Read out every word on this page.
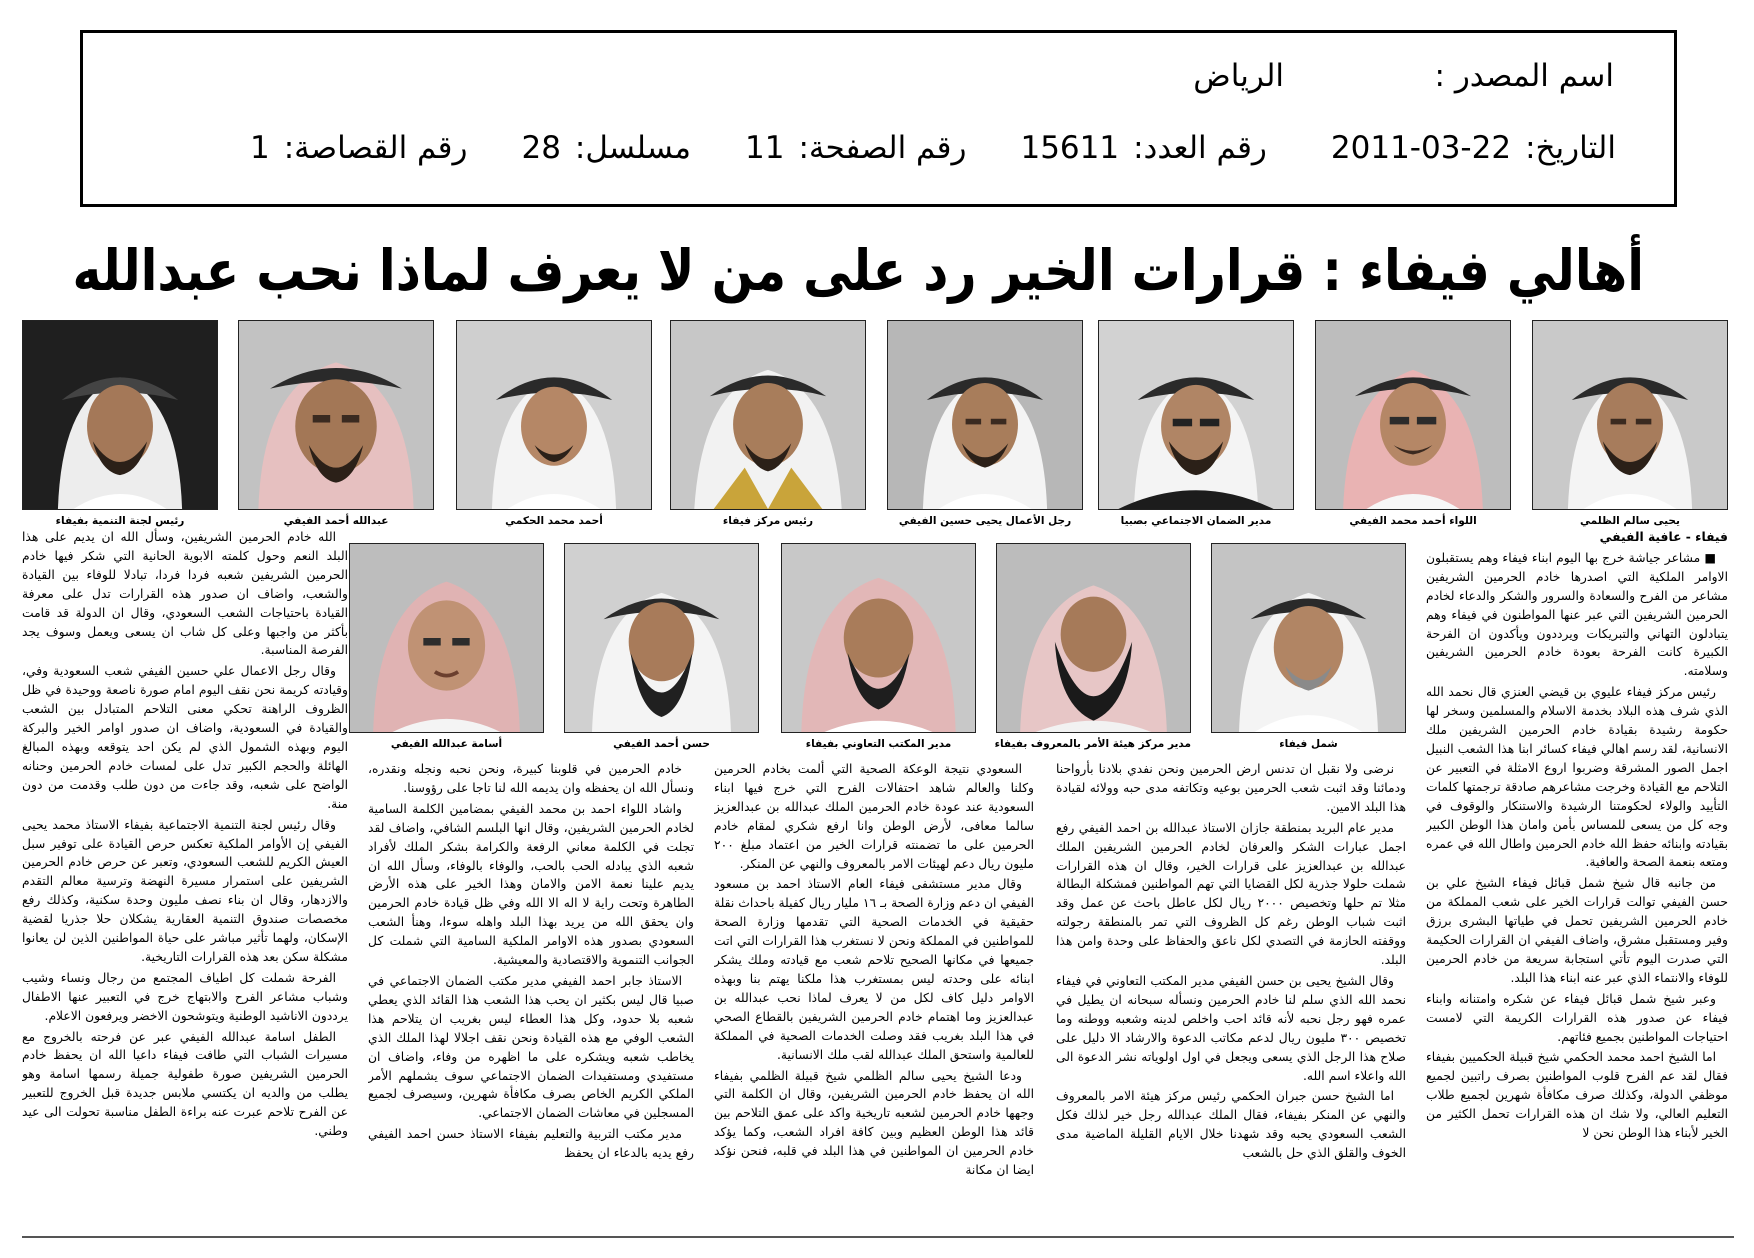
اسم المصدر :
الرياض
التاريخ:2011-03-22رقم العدد:15611رقم الصفحة:11مسلسل:28رقم القصاصة:1
أهالي فيفاء : قرارات الخير رد على من لا يعرف لماذا نحب عبدالله
يحيى سالم الظلمي
اللواء أحمد محمد الفيفي
مدير الضمان الاجتماعي بصبيا
رجل الأعمال يحيى حسين الفيفي
رئيس مركز فيفاء
أحمد محمد الحكمي
عبدالله أحمد الفيفي
رئيس لجنة التنمية بفيفاء
شمل فيفاء
مدير مركز هيئة الأمر بالمعروف بفيفاء
مدير المكتب التعاوني بفيفاء
حسن أحمد الفيفي
أسامة عبدالله الفيفي

فيفاء - عافية الفيفي

■ مشاعر جياشة خرج بها اليوم ابناء فيفاء وهم يستقبلون الاوامر الملكية التي اصدرها خادم الحرمين الشريفين مشاعر من الفرح والسعادة والسرور والشكر والدعاء لخادم الحرمين الشريفين التي عبر عنها المواطنون في فيفاء وهم يتبادلون التهاني والتبريكات ويرددون ويأكدون ان الفرحة الكبيرة كانت الفرحة بعودة خادم الحرمين الشريفين وسلامته.

رئيس مركز فيفاء عليوي بن قيضي العنزي قال نحمد الله الذي شرف هذه البلاد بخدمة الاسلام والمسلمين وسخر لها حكومة رشيدة بقيادة خادم الحرمين الشريفين ملك الانسانية، لقد رسم اهالي فيفاء كسائر ابنا هذا الشعب النبيل اجمل الصور المشرقة وضربوا اروع الامثلة في التعبير عن التلاحم مع القيادة وخرجت مشاعرهم صادقة ترجمتها كلمات التأييد والولاء لحكومتنا الرشيدة والاستنكار والوقوف في وجه كل من يسعى للمساس بأمن وامان هذا الوطن الكبير بقيادته وابنائه حفظ الله خادم الحرمين واطال الله في عمره ومتعه بنعمة الصحة والعافية.

من جانبه قال شيخ شمل قبائل فيفاء الشيخ علي بن حسن الفيفي توالت قرارات الخير على شعب المملكة من خادم الحرمين الشريفين تحمل في طياتها البشرى برزق وفير ومستقبل مشرق، واضاف الفيفي ان القرارات الحكيمة التي صدرت اليوم تأتي استجابة سريعة من خادم الحرمين للوفاء والانتماء الذي عبر عنه ابناء هذا البلد.

وعبر شيخ شمل قبائل فيفاء عن شكره وامتنانه وابناء فيفاء عن صدور هذه القرارات الكريمة التي لامست احتياجات المواطنين بجميع فئاتهم.

اما الشيخ احمد محمد الحكمي شيخ قبيلة الحكميين بفيفاء فقال لقد عم الفرح قلوب المواطنين بصرف راتبين لجميع موظفي الدولة، وكذلك صرف مكافأة شهرين لجميع طلاب التعليم العالي، ولا شك ان هذه القرارات تحمل الكثير من الخير لأبناء هذا الوطن نحن لا

نرضى ولا نقبل ان تدنس ارض الحرمين ونحن نفدي بلادنا بأرواحنا ودمائنا وقد اثبت شعب الحرمين بوعيه وتكاتفه مدى حبه وولائه لقيادة هذا البلد الامين.

مدير عام البريد بمنطقة جازان الاستاذ عبدالله بن احمد الفيفي رفع اجمل عبارات الشكر والعرفان لخادم الحرمين الشريفين الملك عبدالله بن عبدالعزيز على قرارات الخير، وقال ان هذه القرارات شملت حلولا جذرية لكل القضايا التي تهم المواطنين فمشكلة البطالة مثلا تم حلها وتخصيص ٢٠٠٠ ريال لكل عاطل باحث عن عمل وقد اثبت شباب الوطن رغم كل الظروف التي تمر بالمنطقة رجولته ووقفته الحازمة في التصدي لكل ناعق والحفاظ على وحدة وامن هذا البلد.

وقال الشيخ يحيى بن حسن الفيفي مدير المكتب التعاوني في فيفاء نحمد الله الذي سلم لنا خادم الحرمين ونسأله سبحانه ان يطيل في عمره فهو رجل نحبه لأنه قائد احب واخلص لدينه وشعبه ووطنه وما تخصيص ٣٠٠ مليون ريال لدعم مكاتب الدعوة والارشاد الا دليل على صلاح هذا الرجل الذي يسعى ويجعل في اول اولوياته نشر الدعوة الى الله واعلاء اسم الله.

اما الشيخ حسن جبران الحكمي رئيس مركز هيئة الامر بالمعروف والنهي عن المنكر بفيفاء، فقال الملك عبدالله رجل خير لذلك فكل الشعب السعودي يحبه وقد شهدنا خلال الايام القليلة الماضية مدى الخوف والقلق الذي حل بالشعب

السعودي نتيجة الوعكة الصحية التي ألمت بخادم الحرمين وكلنا والعالم شاهد احتفالات الفرح التي خرج فيها ابناء السعودية عند عودة خادم الحرمين الملك عبدالله بن عبدالعزيز سالما معافى، لأرض الوطن وانا ارفع شكري لمقام خادم الحرمين على ما تضمنته قرارات الخير من اعتماد مبلغ ٢٠٠ مليون ريال دعم لهيئات الامر بالمعروف والنهي عن المنكر.

وقال مدير مستشفى فيفاء العام الاستاذ احمد بن مسعود الفيفي ان دعم وزارة الصحة بـ ١٦ مليار ريال كفيلة باحداث نقلة حقيقية في الخدمات الصحية التي تقدمها وزارة الصحة للمواطنين في المملكة ونحن لا نستغرب هذا القرارات التي اتت جميعها في مكانها الصحيح تلاحم شعب مع قيادته وملك يشكر ابنائه على وحدته ليس بمستغرب هذا ملكنا يهتم بنا وبهذه الاوامر دليل كاف لكل من لا يعرف لماذا نحب عبدالله بن عبدالعزيز وما اهتمام خادم الحرمين الشريفين بالقطاع الصحي في هذا البلد بغريب فقد وصلت الخدمات الصحية في المملكة للعالمية واستحق الملك عبدالله لقب ملك الانسانية.

ودعا الشيخ يحيى سالم الظلمي شيخ قبيلة الظلمي بفيفاء الله ان يحفظ خادم الحرمين الشريفين، وقال ان الكلمة التي وجهها خادم الحرمين لشعبه تاريخية واكد على عمق التلاحم بين قائد هذا الوطن العظيم وبين كافة افراد الشعب، وكما يؤكد خادم الحرمين ان المواطنين في هذا البلد في قلبه، فنحن نؤكد ايضا ان مكانة

خادم الحرمين في قلوبنا كبيرة، ونحن نحبه ونجله ونقدره، ونسأل الله ان يحفظه وان يديمه الله لنا تاجا على رؤوسنا.

واشاد اللواء احمد بن محمد الفيفي بمضامين الكلمة السامية لخادم الحرمين الشريفين، وقال انها البلسم الشافي، واضاف لقد تجلت في الكلمة معاني الرفعة والكرامة بشكر الملك لأفراد شعبه الذي يبادله الحب بالحب، والوفاء بالوفاء، وسأل الله ان يديم علينا نعمة الامن والامان وهذا الخير على هذه الأرض الطاهرة وتحت راية لا اله الا الله وفي ظل قيادة خادم الحرمين وان يحقق الله من يريد بهذا البلد واهله سوءا، وهنأ الشعب السعودي بصدور هذه الاوامر الملكية السامية التي شملت كل الجوانب التنموية والاقتصادية والمعيشية.

الاستاذ جابر احمد الفيفي مدير مكتب الضمان الاجتماعي في صبيا قال ليس بكثير ان يحب هذا الشعب هذا القائد الذي يعطي شعبه بلا حدود، وكل هذا العطاء ليس بغريب ان يتلاحم هذا الشعب الوفي مع هذه القيادة ونحن نقف اجلالا لهذا الملك الذي يخاطب شعبه ويشكره على ما اظهره من وفاء، واضاف ان مستفيدي ومستفيدات الضمان الاجتماعي سوف يشملهم الأمر الملكي الكريم الخاص بصرف مكافأة شهرين، وسيصرف لجميع المسجلين في معاشات الضمان الاجتماعي.

مدير مكتب التربية والتعليم بفيفاء الاستاذ حسن احمد الفيفي رفع يديه بالدعاء ان يحفظ

الله خادم الحرمين الشريفين، وسأل الله ان يديم على هذا البلد النعم وحول كلمته الابوية الحانية التي شكر فيها خادم الحرمين الشريفين شعبه فردا فردا، تبادلا للوفاء بين القيادة والشعب، واضاف ان صدور هذه القرارات تدل على معرفة القيادة باحتياجات الشعب السعودي، وقال ان الدولة قد قامت بأكثر من واجبها وعلى كل شاب ان يسعى ويعمل وسوف يجد الفرصة المناسبة.

وقال رجل الاعمال علي حسين الفيفي شعب السعودية وفي، وقيادته كريمة نحن نقف اليوم امام صورة ناصعة ووحيدة في ظل الظروف الراهنة تحكي معنى التلاحم المتبادل بين الشعب والقيادة في السعودية، واضاف ان صدور اوامر الخير والبركة اليوم وبهذه الشمول الذي لم يكن احد يتوقعه وبهذه المبالغ الهائلة والحجم الكبير تدل على لمسات خادم الحرمين وحنانه الواضح على شعبه، وقد جاءت من دون طلب وقدمت من دون منة.

وقال رئيس لجنة التنمية الاجتماعية بفيفاء الاستاذ محمد يحيى الفيفي إن الأوامر الملكية تعكس حرص القيادة على توفير سبل العيش الكريم للشعب السعودي، وتعبر عن حرص خادم الحرمين الشريفين على استمرار مسيرة النهضة وترسية معالم التقدم والازدهار، وقال ان بناء نصف مليون وحدة سكنية، وكذلك رفع مخصصات صندوق التنمية العقارية يشكلان حلا جذريا لقضية الإسكان، ولهما تأثير مباشر على حياة المواطنين الذين لن يعانوا مشكلة سكن بعد هذه القرارات التاريخية.

الفرحة شملت كل اطياف المجتمع من رجال ونساء وشيب وشباب مشاعر الفرح والابتهاج خرج في التعبير عنها الاطفال يرددون الاناشيد الوطنية ويتوشحون الاخضر ويرفعون الاعلام.

الطفل اسامة عبدالله الفيفي عبر عن فرحته بالخروج مع مسيرات الشباب التي طافت فيفاء داعيا الله ان يحفظ خادم الحرمين الشريفين صورة طفولية جميلة رسمها اسامة وهو يطلب من والديه ان يكتسي ملابس جديدة قبل الخروج للتعبير عن الفرح تلاحم عبرت عنه براءة الطفل مناسبة تحولت الى عيد وطني.
